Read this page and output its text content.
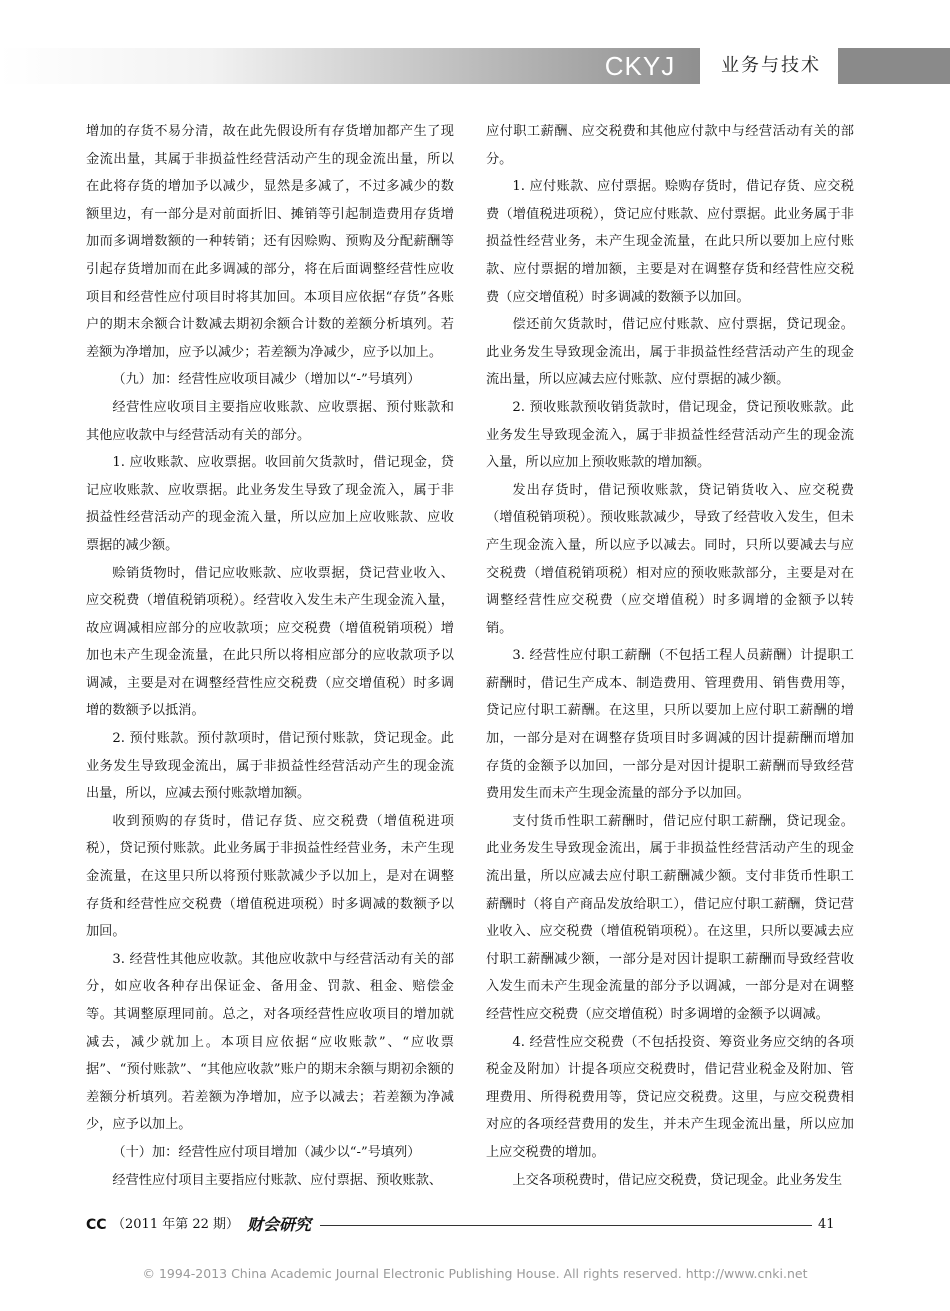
CKYJ	业务与技术

增加的存货不易分清，故在此先假设所有存货增加都产生了现金流出量，其属于非损益性经营活动产生的现金流出量，所以在此将存货的增加予以减少，显然是多减了，不过多减少的数额里边，有一部分是对前面折旧、摊销等引起制造费用存货增加而多调增数额的一种转销；还有因赊购、预购及分配薪酬等引起存货增加而在此多调减的部分，将在后面调整经营性应收项目和经营性应付项目时将其加回。本项目应依据“存货”各账户的期末余额合计数减去期初余额合计数的差额分析填列。若差额为净增加，应予以减少；若差额为净减少，应予以加上。

（九）加：经营性应收项目减少（增加以“-”号填列）

经营性应收项目主要指应收账款、应收票据、预付账款和其他应收款中与经营活动有关的部分。

1. 应收账款、应收票据。收回前欠货款时，借记现金，贷记应收账款、应收票据。此业务发生导致了现金流入，属于非损益性经营活动产的现金流入量，所以应加上应收账款、应收票据的减少额。

赊销货物时，借记应收账款、应收票据，贷记营业收入、应交税费（增值税销项税）。经营收入发生未产生现金流入量，故应调减相应部分的应收款项；应交税费（增值税销项税）增加也未产生现金流量，在此只所以将相应部分的应收款项予以调减，主要是对在调整经营性应交税费（应交增值税）时多调增的数额予以抵消。

2. 预付账款。预付款项时，借记预付账款，贷记现金。此业务发生导致现金流出，属于非损益性经营活动产生的现金流出量，所以，应减去预付账款增加额。

收到预购的存货时，借记存货、应交税费（增值税进项税），贷记预付账款。此业务属于非损益性经营业务，未产生现金流量，在这里只所以将预付账款减少予以加上，是对在调整存货和经营性应交税费（增值税进项税）时多调减的数额予以加回。

3. 经营性其他应收款。其他应收款中与经营活动有关的部分，如应收各种存出保证金、备用金、罚款、租金、赔偿金等。其调整原理同前。总之，对各项经营性应收项目的增加就减去，减少就加上。本项目应依据“应收账款”、“应收票据”、“预付账款”、“其他应收款”账户的期末余额与期初余额的差额分析填列。若差额为净增加，应予以减去；若差额为净减少，应予以加上。

（十）加：经营性应付项目增加（减少以“-”号填列）

经营性应付项目主要指应付账款、应付票据、预收账款、

应付职工薪酬、应交税费和其他应付款中与经营活动有关的部分。

1. 应付账款、应付票据。赊购存货时，借记存货、应交税费（增值税进项税），贷记应付账款、应付票据。此业务属于非损益性经营业务，未产生现金流量，在此只所以要加上应付账款、应付票据的增加额，主要是对在调整存货和经营性应交税费（应交增值税）时多调减的数额予以加回。

偿还前欠货款时，借记应付账款、应付票据，贷记现金。此业务发生导致现金流出，属于非损益性经营活动产生的现金流出量，所以应减去应付账款、应付票据的减少额。

2. 预收账款预收销货款时，借记现金，贷记预收账款。此业务发生导致现金流入，属于非损益性经营活动产生的现金流入量，所以应加上预收账款的增加额。

发出存货时，借记预收账款，贷记销货收入、应交税费（增值税销项税）。预收账款减少，导致了经营收入发生，但未产生现金流入量，所以应予以减去。同时，只所以要减去与应交税费（增值税销项税）相对应的预收账款部分，主要是对在调整经营性应交税费（应交增值税）时多调增的金额予以转销。

3. 经营性应付职工薪酬（不包括工程人员薪酬）计提职工薪酬时，借记生产成本、制造费用、管理费用、销售费用等，贷记应付职工薪酬。在这里，只所以要加上应付职工薪酬的增加，一部分是对在调整存货项目时多调减的因计提薪酬而增加存货的金额予以加回，一部分是对因计提职工薪酬而导致经营费用发生而未产生现金流量的部分予以加回。

支付货币性职工薪酬时，借记应付职工薪酬，贷记现金。此业务发生导致现金流出，属于非损益性经营活动产生的现金流出量，所以应减去应付职工薪酬减少额。支付非货币性职工薪酬时（将自产商品发放给职工），借记应付职工薪酬，贷记营业收入、应交税费（增值税销项税）。在这里，只所以要减去应付职工薪酬减少额，一部分是对因计提职工薪酬而导致经营收入发生而未产生现金流量的部分予以调减，一部分是对在调整经营性应交税费（应交增值税）时多调增的金额予以调减。

4. 经营性应交税费（不包括投资、筹资业务应交纳的各项税金及附加）计提各项应交税费时，借记营业税金及附加、管理费用、所得税费用等，贷记应交税费。这里，与应交税费相对应的各项经营费用的发生，并未产生现金流出量，所以应加上应交税费的增加。

上交各项税费时，借记应交税费，贷记现金。此业务发生

CC （2011 年第 22 期） 财会研究	41
© 1994-2013 China Academic Journal Electronic Publishing House. All rights reserved. http://www.cnki.net
